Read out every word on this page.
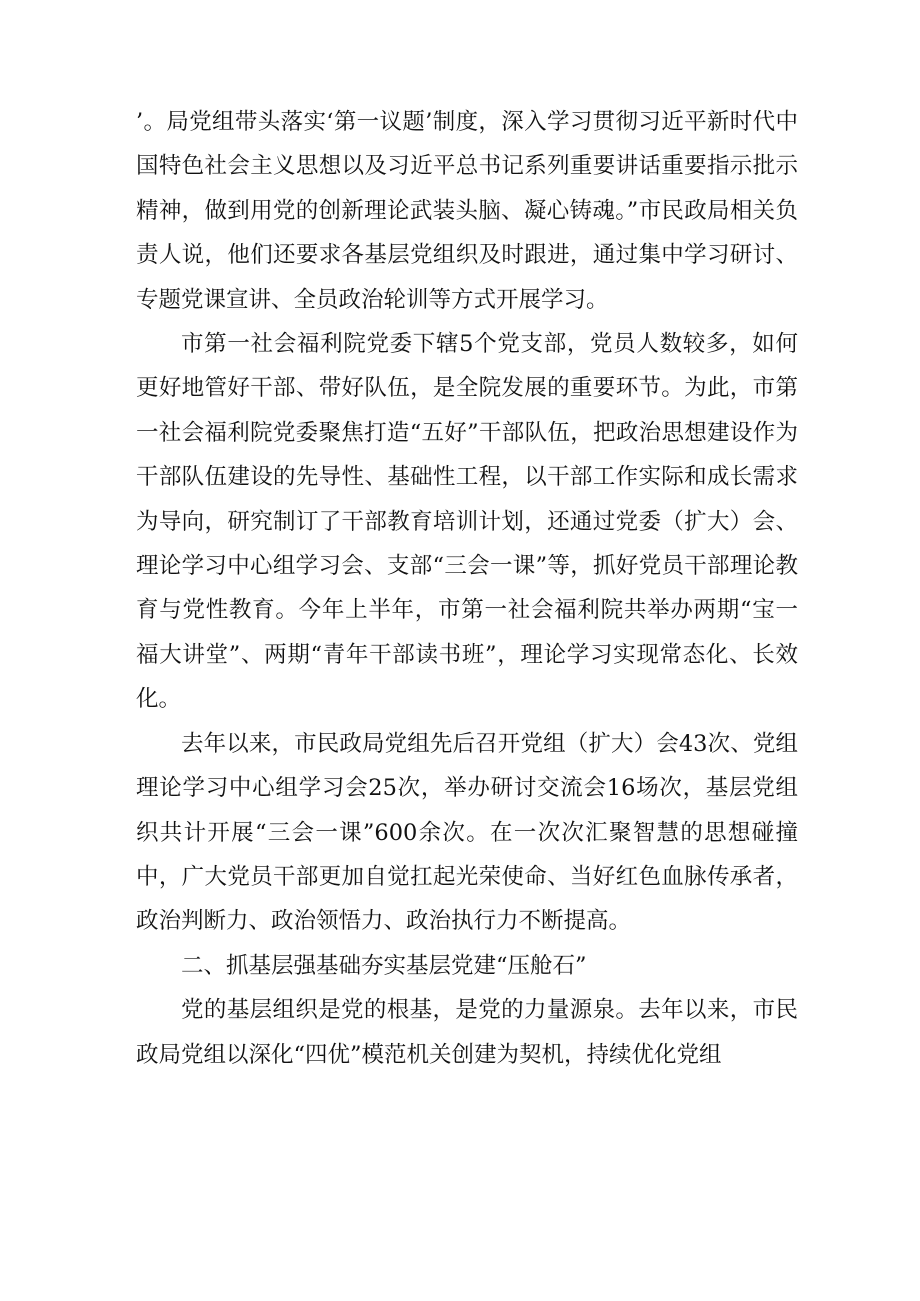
’。局党组带头落实‘第一议题’制度，深入学习贯彻习近平新时代中国特色社会主义思想以及习近平总书记系列重要讲话重要指示批示精神，做到用党的创新理论武装头脑、凝心铸魂。”市民政局相关负责人说，他们还要求各基层党组织及时跟进，通过集中学习研讨、专题党课宣讲、全员政治轮训等方式开展学习。

市第一社会福利院党委下辖5个党支部，党员人数较多，如何更好地管好干部、带好队伍，是全院发展的重要环节。为此，市第一社会福利院党委聚焦打造“五好”干部队伍，把政治思想建设作为干部队伍建设的先导性、基础性工程，以干部工作实际和成长需求为导向，研究制订了干部教育培训计划，还通过党委（扩大）会、理论学习中心组学习会、支部“三会一课”等，抓好党员干部理论教育与党性教育。今年上半年，市第一社会福利院共举办两期“宝一福大讲堂”、两期“青年干部读书班”，理论学习实现常态化、长效化。

去年以来，市民政局党组先后召开党组（扩大）会43次、党组理论学习中心组学习会25次，举办研讨交流会16场次，基层党组织共计开展“三会一课”600余次。在一次次汇聚智慧的思想碰撞中，广大党员干部更加自觉扛起光荣使命、当好红色血脉传承者，政治判断力、政治领悟力、政治执行力不断提高。

二、抓基层强基础夯实基层党建“压舱石”

党的基层组织是党的根基，是党的力量源泉。去年以来，市民政局党组以深化“四优”模范机关创建为契机，持续优化党组
